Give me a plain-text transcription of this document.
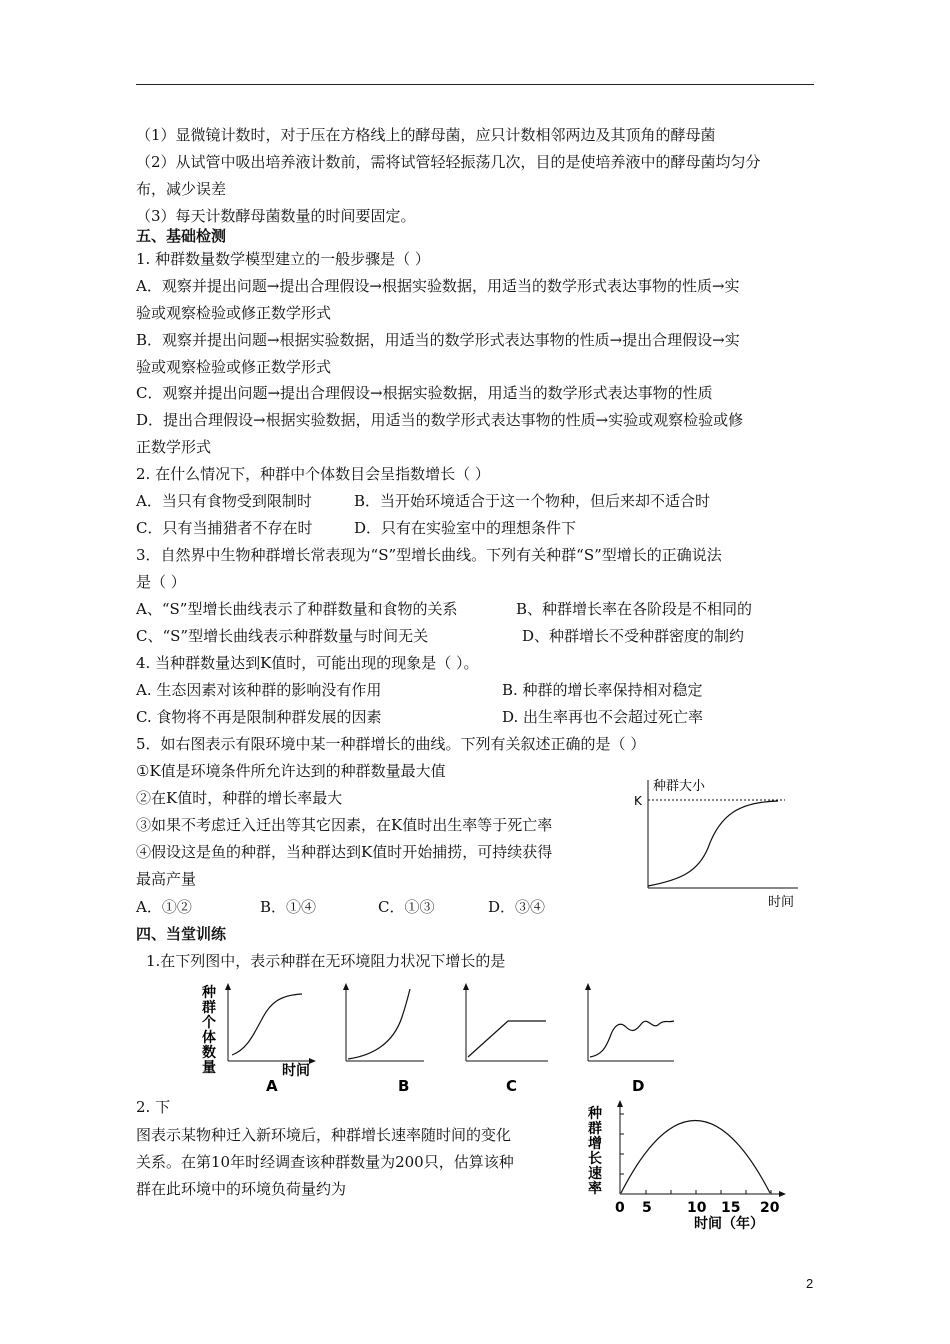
（1）显微镜计数时，对于压在方格线上的酵母菌，应只计数相邻两边及其顶角的酵母菌
（2）从试管中吸出培养液计数前，需将试管轻轻振荡几次，目的是使培养液中的酵母菌均匀分
布，减少误差
（3）每天计数酵母菌数量的时间要固定。
五、基础检测
1. 种群数量数学模型建立的一般步骤是（ ）
A．观察并提出问题→提出合理假设→根据实验数据，用适当的数学形式表达事物的性质→实
验或观察检验或修正数学形式
B．观察并提出问题→根据实验数据，用适当的数学形式表达事物的性质→提出合理假设→实
验或观察检验或修正数学形式
C．观察并提出问题→提出合理假设→根据实验数据，用适当的数学形式表达事物的性质
D．提出合理假设→根据实验数据，用适当的数学形式表达事物的性质→实验或观察检验或修
正数学形式
2. 在什么情况下，种群中个体数目会呈指数增长（ ）
A．当只有食物受到限制时	B．当开始环境适合于这一个物种，但后来却不适合时
C．只有当捕猎者不存在时	D．只有在实验室中的理想条件下
3．自然界中生物种群增长常表现为“S”型增长曲线。下列有关种群“S”型增长的正确说法
是（ ）
A、“S”型增长曲线表示了种群数量和食物的关系	B、种群增长率在各阶段是不相同的
C、“S”型增长曲线表示种群数量与时间无关	D、种群增长不受种群密度的制约
4. 当种群数量达到K值时，可能出现的现象是（ ）。
A. 生态因素对该种群的影响没有作用	B. 种群的增长率保持相对稳定
C. 食物将不再是限制种群发展的因素	D. 出生率再也不会超过死亡率
5．如右图表示有限环境中某一种群增长的曲线。下列有关叙述正确的是（ ）
①K值是环境条件所允许达到的种群数量最大值
②在K值时，种群的增长率最大
③如果不考虑迁入迁出等其它因素，在K值时出生率等于死亡率
④假设这是鱼的种群，当种群达到K值时开始捕捞，可持续获得
最高产量
A．①②	B．①④	C．①③	D．③④
种群大小
K
时间
四、当堂训练
1.在下列图中，表示种群在无环境阻力状况下增长的是
种
群
个
体
数
量	时间
A	B	C	D
2. 下
图表示某物种迁入新环境后，种群增长速率随时间的变化
关系。在第10年时经调查该种群数量为200只，估算该种
群在此环境中的环境负荷量约为
种
群
增
长
速
率
0 5	10 15 20
时间（年）
2
